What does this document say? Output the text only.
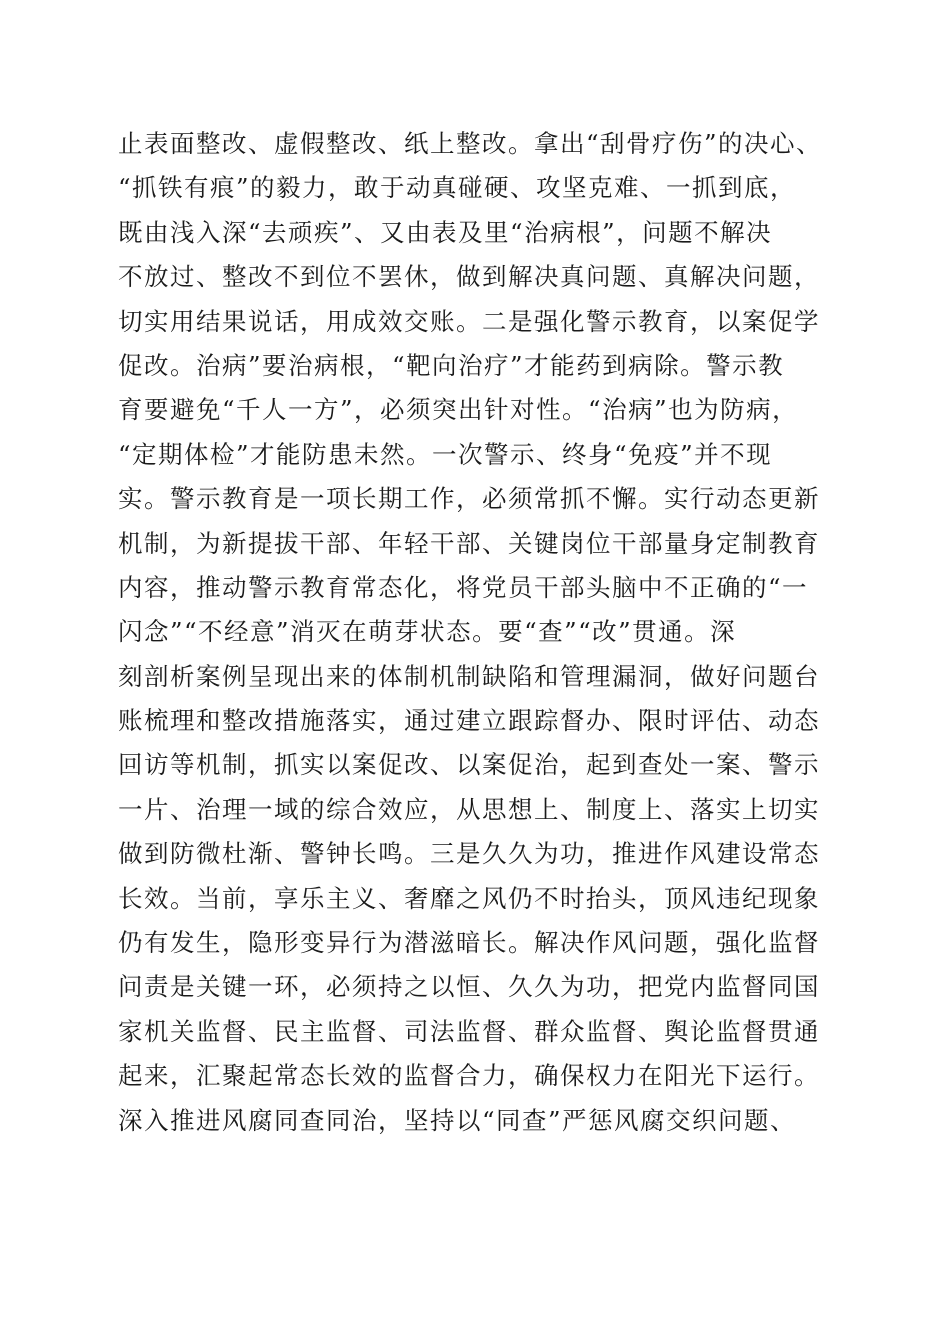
止表面整改、虚假整改、纸上整改。拿出“刮骨疗伤”的决心、
“抓铁有痕”的毅力，敢于动真碰硬、攻坚克难、一抓到底，
既由浅入深“去顽疾”、又由表及里“治病根”，问题不解决
不放过、整改不到位不罢休，做到解决真问题、真解决问题，
切实用结果说话，用成效交账。二是强化警示教育，以案促学
促改。治病”要治病根，“靶向治疗”才能药到病除。警示教
育要避免“千人一方”，必须突出针对性。“治病”也为防病，
“定期体检”才能防患未然。一次警示、终身“免疫”并不现
实。警示教育是一项长期工作，必须常抓不懈。实行动态更新
机制，为新提拔干部、年轻干部、关键岗位干部量身定制教育
内容，推动警示教育常态化，将党员干部头脑中不正确的“一
闪念”“不经意”消灭在萌芽状态。要“查”“改”贯通。深
刻剖析案例呈现出来的体制机制缺陷和管理漏洞，做好问题台
账梳理和整改措施落实，通过建立跟踪督办、限时评估、动态
回访等机制，抓实以案促改、以案促治，起到查处一案、警示
一片、治理一域的综合效应，从思想上、制度上、落实上切实
做到防微杜渐、警钟长鸣。三是久久为功，推进作风建设常态
长效。当前，享乐主义、奢靡之风仍不时抬头，顶风违纪现象
仍有发生，隐形变异行为潜滋暗长。解决作风问题，强化监督
问责是关键一环，必须持之以恒、久久为功，把党内监督同国
家机关监督、民主监督、司法监督、群众监督、舆论监督贯通
起来，汇聚起常态长效的监督合力，确保权力在阳光下运行。
深入推进风腐同查同治，坚持以“同查”严惩风腐交织问题、
